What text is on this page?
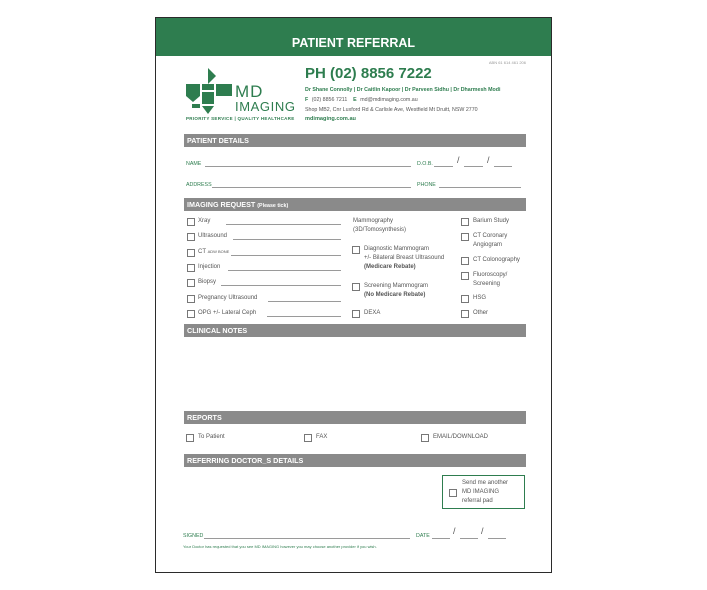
PATIENT REFERRAL
ABN 61 614 461 206
MD
IMAGING
PRIORITY SERVICE | QUALITY HEALTHCARE
PH (02) 8856 7222
Dr Shane Connolly | Dr Caitlin Kapoor | Dr Parveen Sidhu | Dr Dharmesh Modi
F (02) 8856 7211 E md@mdimaging.com.au
Shop MB2, Cnr Luxford Rd & Carlisle Ave, Westfield Mt Druitt, NSW 2770
mdimaging.com.au
PATIENT DETAILS
NAME	D.O.B.	/	/
ADDRESS	PHONE
IMAGING REQUEST (Please tick)
Xray
Ultrasound
CT ADW BONE
Injection
Biopsy
Pregnancy Ultrasound
OPG +/- Lateral Ceph
Mammography
(3D/Tomosynthesis)
Diagnostic Mammogram
+/- Bilateral Breast Ultrasound
(Medicare Rebate)
Screening Mammogram
(No Medicare Rebate)
DEXA
Barium Study
CT Coronary
Angiogram
CT Colonography
Fluoroscopy/
Screening
HSG
Other
CLINICAL NOTES
REPORTS
To Patient	FAX	EMAIL/DOWNLOAD
REFERRING DOCTOR_S DETAILS
Send me another
MD IMAGING
referral pad
SIGNED	DATE	/	/
Your Doctor has requested that you see MD IMAGING however you may choose another provider if you wish.
